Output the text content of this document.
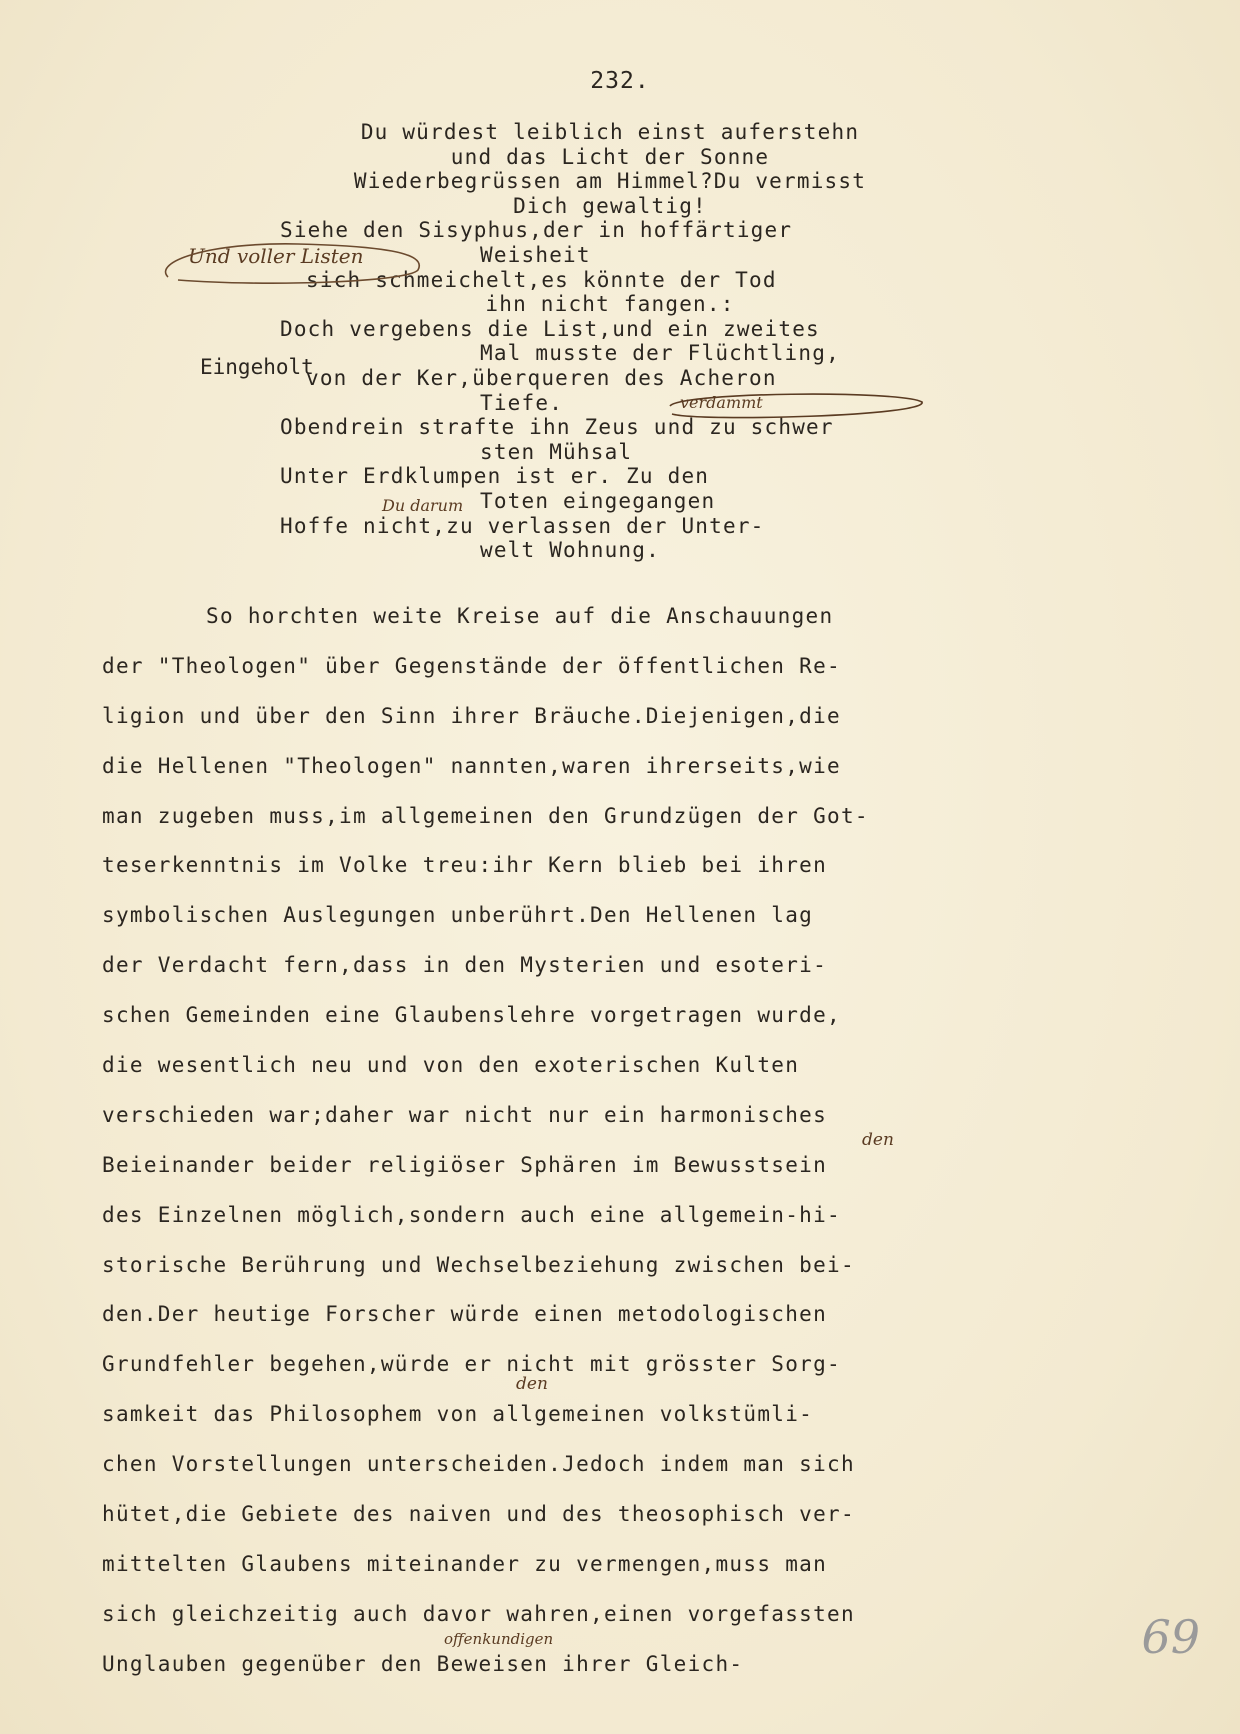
232.
Du würdest leiblich einst auferstehn
und das Licht der Sonne
Wiederbegrüssen am Himmel?Du vermisst
Dich gewaltig!
Siehe den Sisyphus,der in hoffärtiger
Weisheit
sich schmeichelt,es könnte der Tod
ihn nicht fangen.:
Doch vergebens die List,und ein zweites
Mal musste der Flüchtling,
von der Ker,überqueren des Acheron
Tiefe.
Obendrein strafte ihn Zeus und zu schwer
sten Mühsal
Unter Erdklumpen ist er. Zu den
Toten eingegangen
Hoffe nicht,zu verlassen der Unter-
welt Wohnung.
Und voller Listen
Eingeholt
verdammt
Du darum
den
den
offenkundigen
So horchten weite Kreise auf die Anschauungen
der "Theologen" über Gegenstände der öffentlichen Re-
ligion und über den Sinn ihrer Bräuche.Diejenigen,die
die Hellenen "Theologen" nannten,waren ihrerseits,wie
man zugeben muss,im allgemeinen den Grundzügen der Got-
teserkenntnis im Volke treu:ihr Kern blieb bei ihren
symbolischen Auslegungen unberührt.Den Hellenen lag
der Verdacht fern,dass in den Mysterien und esoteri-
schen Gemeinden eine Glaubenslehre vorgetragen wurde,
die wesentlich neu und von den exoterischen Kulten
verschieden war;daher war nicht nur ein harmonisches
Beieinander beider religiöser Sphären im Bewusstsein
des Einzelnen möglich,sondern auch eine allgemein-hi-
storische Berührung und Wechselbeziehung zwischen bei-
den.Der heutige Forscher würde einen metodologischen
Grundfehler begehen,würde er nicht mit grösster Sorg-
samkeit das Philosophem von allgemeinen volkstümli-
chen Vorstellungen unterscheiden.Jedoch indem man sich
hütet,die Gebiete des naiven und des theosophisch ver-
mittelten Glaubens miteinander zu vermengen,muss man
sich gleichzeitig auch davor wahren,einen vorgefassten
Unglauben gegenüber den Beweisen ihrer Gleich-	69
